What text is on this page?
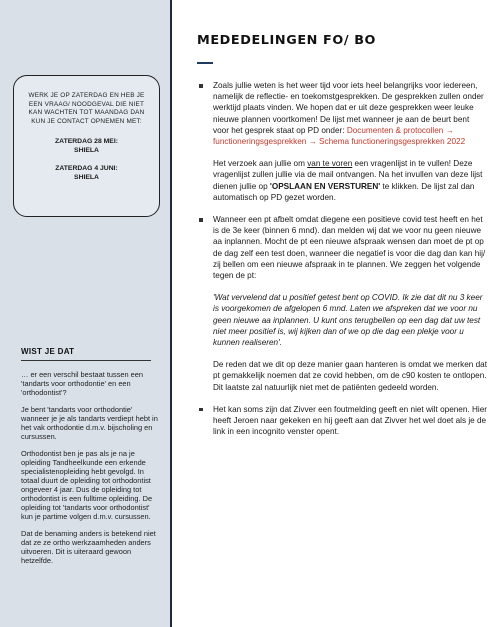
WERK JE OP ZATERDAG EN HEB JE EEN VRAAG/ NOODGEVAL DIE NIET KAN WACHTEN TOT MAANDAG DAN KUN JE CONTACT OPNEMEN MET:
ZATERDAG 28 MEI:
SHIELA
ZATERDAG 4 JUNI:
SHIELA
WIST JE DAT

… er een verschil bestaat tussen een 'tandarts voor orthodontie' en een 'orthodontist'?

Je bent 'tandarts voor orthodontie' wanneer je je als tandarts verdiept hebt in het vak orthodontie d.m.v. bijscholing en cursussen.

Orthodontist ben je pas als je na je opleiding Tandheelkunde een erkende specialistenopleiding hebt gevolgd. In totaal duurt de opleiding tot orthodontist ongeveer 4 jaar. Dus de opleiding tot orthodontist is een fulltime opleiding. De opleiding tot 'tandarts voor orthodontist' kun je partime volgen d.m.v. cursussen.

Dat de benaming anders is betekend niet dat ze ze ortho werkzaamheden anders uitvoeren. Dit is uiteraard gewoon hetzelfde.

MEDEDELINGEN FO/ BO

Zoals jullie weten is het weer tijd voor iets heel belangrijks voor iedereen, namelijk de reflectie- en toekomstgesprekken. De gesprekken zullen onder werktijd plaats vinden. We hopen dat er uit deze gesprekken weer leuke nieuwe plannen voortkomen! De lijst met wanneer je aan de beurt bent voor het gesprek staat op PD onder: Documenten & protocollen → functioneringsgesprekken → Schema functioneringsgesprekken 2022

Het verzoek aan jullie om van te voren een vragenlijst in te vullen! Deze vragenlijst zullen jullie via de mail ontvangen. Na het invullen van deze lijst dienen jullie op 'OPSLAAN EN VERSTUREN' te klikken. De lijst zal dan automatisch op PD gezet worden.

Wanneer een pt afbelt omdat diegene een positieve covid test heeft en het is de 3e keer (binnen 6 mnd). dan melden wij dat we voor nu geen nieuwe aa inplannen. Mocht de pt een nieuwe afspraak wensen dan moet de pt op de dag zelf een test doen, wanneer die negatief is voor die dag dan kan hij/ zij bellen om een nieuwe afspraak in te plannen. We zeggen het volgende tegen de pt:

'Wat vervelend dat u positief getest bent op COVID. Ik zie dat dit nu 3 keer is voorgekomen de afgelopen 6 mnd. Laten we afspreken dat we voor nu geen nieuwe aa inplannen. U kunt ons terugbellen op een dag dat uw test niet meer positief is, wij kijken dan of we op die dag een plekje voor u kunnen realiseren'.

De reden dat we dit op deze manier gaan hanteren is omdat we merken dat pt gemakkelijk noemen dat ze covid hebben, om de c90 kosten te ontlopen. Dit laatste zal natuurlijk niet met de patiënten gedeeld worden.

Het kan soms zijn dat Zivver een foutmelding geeft en niet wilt openen. Hier heeft Jeroen naar gekeken en hij geeft aan dat Zivver het wel doet als je de link in een incognito venster opent.
